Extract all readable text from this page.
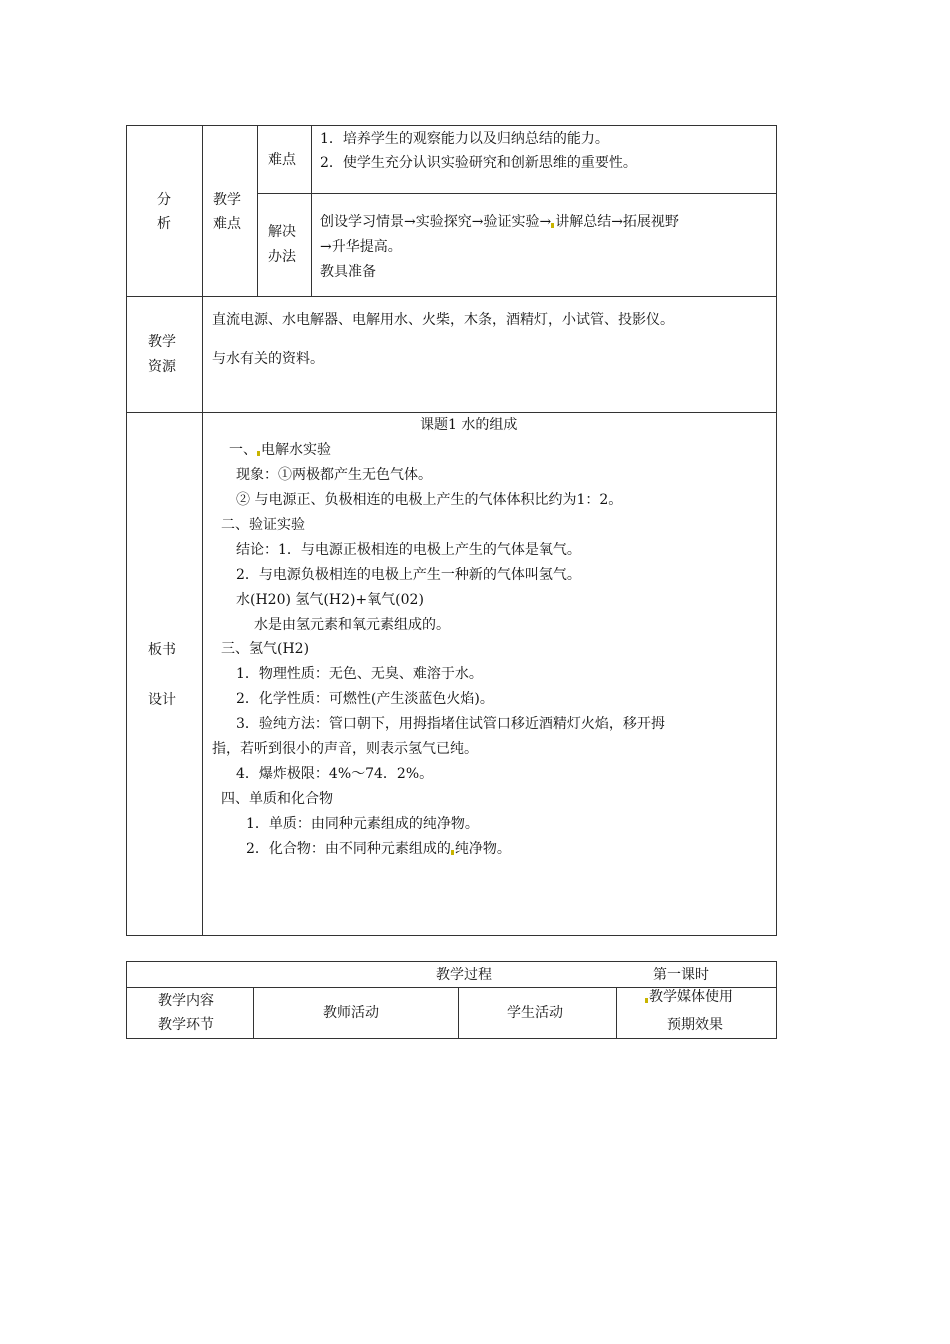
分
析
教学
难点
难点
1．培养学生的观察能力以及归纳总结的能力。
2．使学生充分认识实验研究和创新思维的重要性。
解决
办法
创设学习情景→实验探究→验证实验→ 讲解总结→拓展视野
→升华提高。
教具准备
教学
资源
直流电源、水电解器、电解用水、火柴，木条，酒精灯，小试管、投影仪。
与水有关的资料。
板书
设计
课题1 水的组成
一、 电解水实验
现象：①两极都产生无色气体。
② 与电源正、负极相连的电极上产生的气体体积比约为1：2。
二、验证实验
结论：1．与电源正极相连的电极上产生的气体是氧气。
2．与电源负极相连的电极上产生一种新的气体叫氢气。
水(H20) 氢气(H2)+氧气(02)
水是由氢元素和氧元素组成的。
三、氢气(H2)
1．物理性质：无色、无臭、难溶于水。
2．化学性质：可燃性(产生淡蓝色火焰)。
3．验纯方法：管口朝下，用拇指堵住试管口移近酒精灯火焰，移开拇
指，若听到很小的声音，则表示氢气已纯。
4．爆炸极限：4%～74．2%。
四、单质和化合物
1．单质：由同种元素组成的纯净物。
2．化合物：由不同种元素组成的 纯净物。
教学过程	第一课时
教学内容
教学环节
教师活动	学生活动
教学媒体使用
预期效果
